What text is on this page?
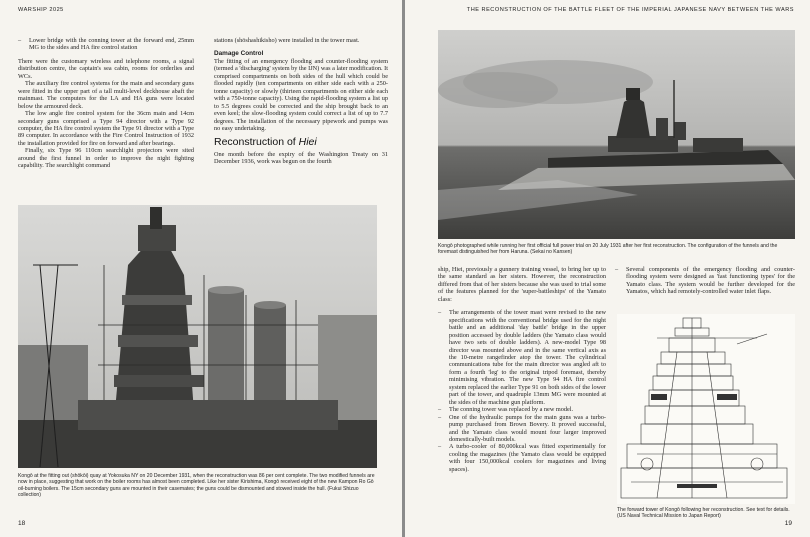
WARSHIP 2025
– Lower bridge with the conning tower at the forward end, 25mm MG to the sides and HA fire control station

There were the customary wireless and telephone rooms, a signal distribution centre, the captain's sea cabin, rooms for orderlies and WCs.

The auxiliary fire control systems for the main and secondary guns were fitted in the upper part of a tall multi-level deckhouse abaft the mainmast. The computers for the LA and HA guns were located below the armoured deck.

The low angle fire control system for the 36cm main and 14cm secondary guns comprised a Type 94 director with a Type 92 computer, the HA fire control system the Type 91 director with a Type 89 computer. In accordance with the Fire Control Instruction of 1932 the installation provided for fire on forward and after bearings.

Finally, six Type 96 110cm searchlight projectors were sited around the first funnel in order to improve the night fighting capability. The searchlight command

stations (shōshashikisho) were installed in the tower mast.

Damage Control

The fitting of an emergency flooding and counter-flooding system (termed a 'discharging' system by the IJN) was a later modification. It comprised compartments on both sides of the hull which could be flooded rapidly (ten compartments on either side each with a 250-tonne capacity) or slowly (thirteen compartments on either side each with a 750-tonne capacity). Using the rapid-flooding system a list up to 5.5 degrees could be corrected and the ship brought back to an even keel; the slow-flooding system could correct a list of up to 7.7 degrees. The installation of the necessary pipework and pumps was no easy undertaking.

Reconstruction of Hiei

One month before the expiry of the Washington Treaty on 31 December 1936, work was begun on the fourth

Kongō at the fitting out (shōkōi) quay at Yokosuka NY on 20 December 1931, when the reconstruction was 86 per cent complete. The two modified funnels are now in place, suggesting that work on the boiler rooms has almost been completed. Like her sister Kirishima, Kongō received eight of the new Kampon Ro Gō oil-burning boilers. The 15cm secondary guns are mounted in their casemates; the guns could be dismounted and stowed inside the hull. (Fukui Shizuo collection)
18
THE RECONSTRUCTION OF THE BATTLE FLEET OF THE IMPERIAL JAPANESE NAVY BETWEEN THE WARS
Kongō photographed while running her first official full power trial on 20 July 1931 after her first reconstruction. The configuration of the funnels and the foremast distinguished her from Haruna. (Sekai no Kansen)

ship, Hiei, previously a gunnery training vessel, to bring her up to the same standard as her sisters. However, the reconstruction differed from that of her sisters because she was used to trial some of the features planned for the 'super-battleships' of the Yamato class:

– The arrangements of the tower mast were revised to the new specifications with the conventional bridge used for the night battle and an additional 'day battle' bridge in the upper position accessed by double ladders (the Yamato class would have two sets of double ladders). A new-model Type 98 director was mounted above and in the same vertical axis as the 10-metre rangefinder atop the tower. The cylindrical communications tube for the main director was angled aft to form a fourth 'leg' to the original tripod foremast, thereby minimising vibration. The new Type 94 HA fire control system replaced the earlier Type 91 on both sides of the lower part of the tower, and quadruple 13mm MG were mounted at the sides of the machine gun platform.
– The conning tower was replaced by a new model.
– One of the hydraulic pumps for the main guns was a turbo-pump purchased from Brown Bovery. It proved successful, and the Yamato class would mount four larger improved domestically-built models.
– A turbo-cooler of 80,000kcal was fitted experimentally for cooling the magazines (the Yamato class would be equipped with four 150,000kcal coolers for magazines and living spaces).
– Several components of the emergency flooding and counter-flooding system were designed as 'fast functioning types' for the Yamato class. The system would be further developed for the Yamatos, which had remotely-controlled water inlet flaps.
The forward tower of Kongō following her reconstruction. See text for details. (US Naval Technical Mission to Japan Report)
19
